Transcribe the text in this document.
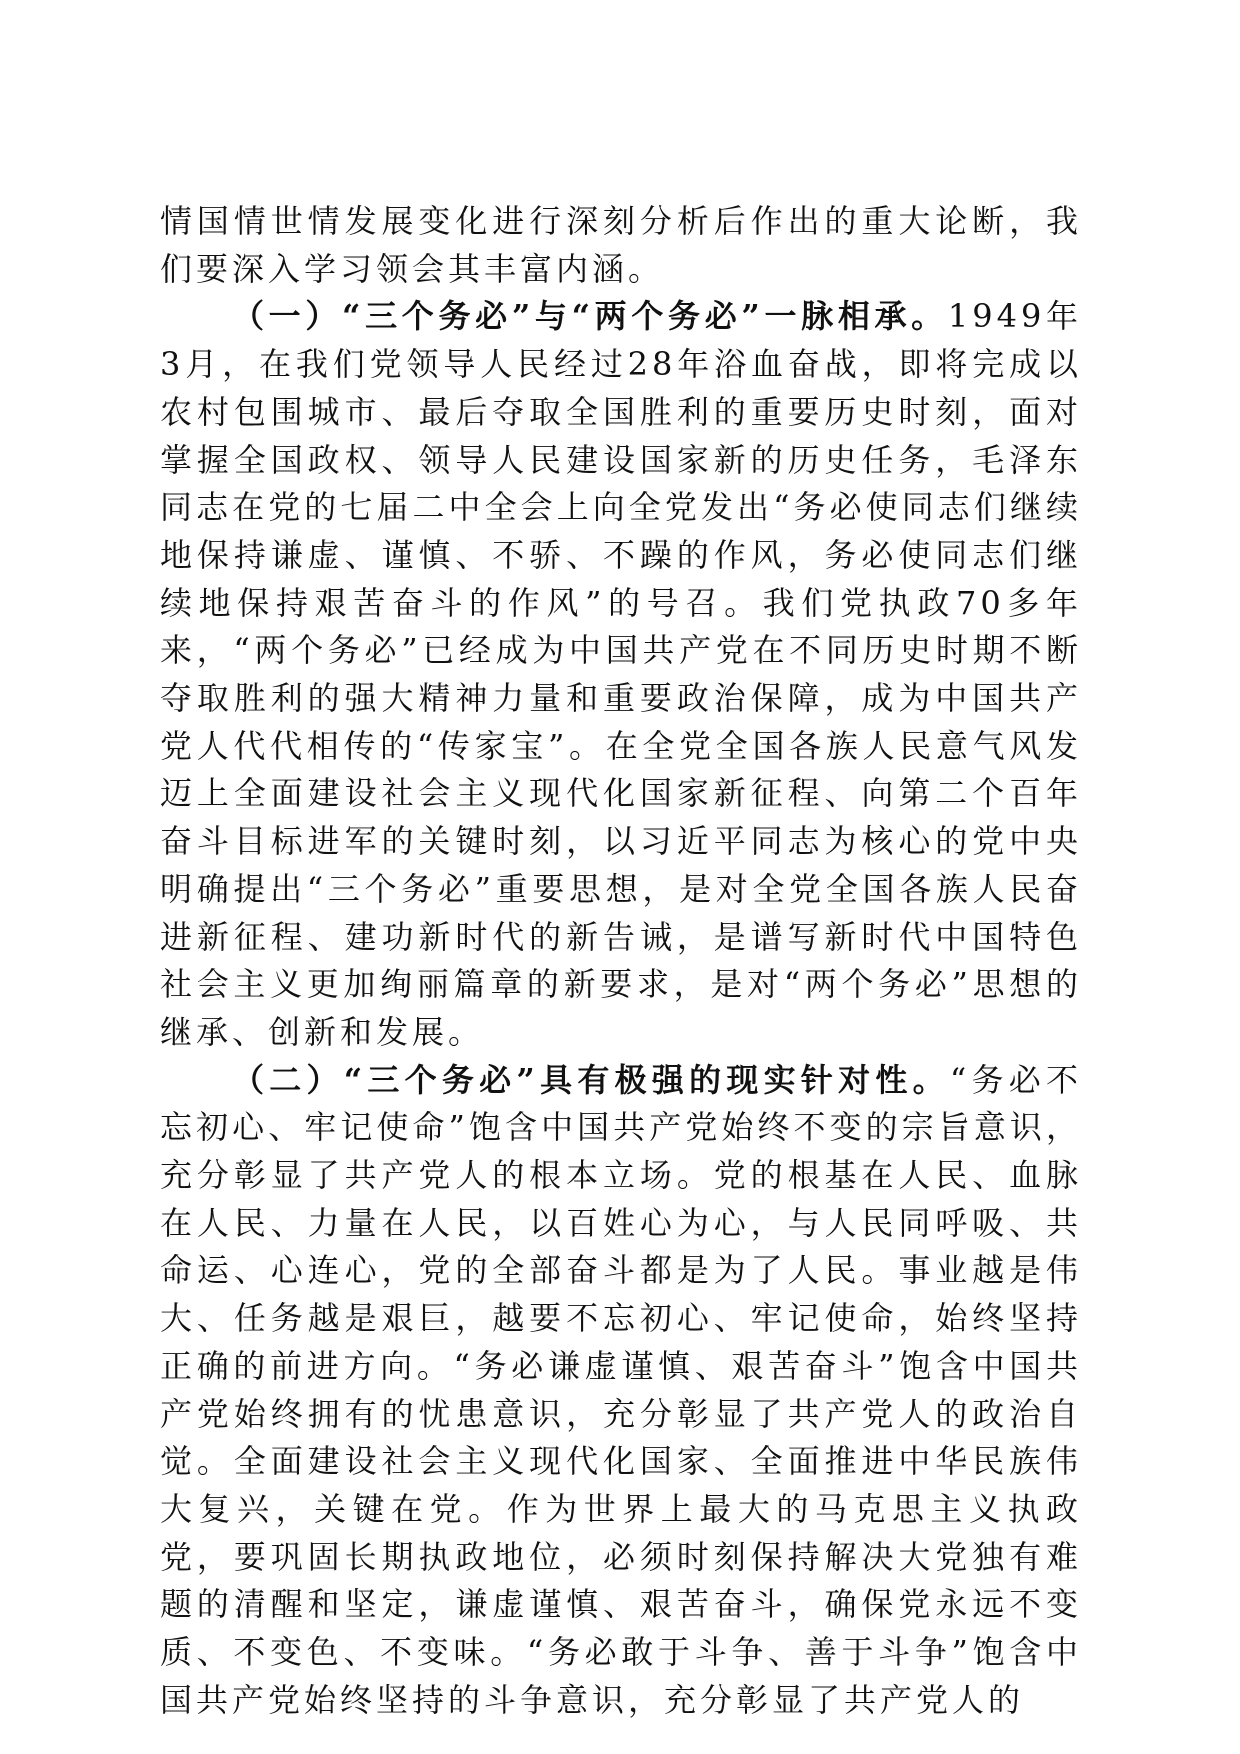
情国情世情发展变化进行深刻分析后作出的重大论断，我们要深入学习领会其丰富内涵。

（一）“三个务必”与“两个务必”一脉相承。1949年3月，在我们党领导人民经过28年浴血奋战，即将完成以农村包围城市、最后夺取全国胜利的重要历史时刻，面对掌握全国政权、领导人民建设国家新的历史任务，毛泽东同志在党的七届二中全会上向全党发出“务必使同志们继续地保持谦虚、谨慎、不骄、不躁的作风，务必使同志们继续地保持艰苦奋斗的作风”的号召。我们党执政70多年来，“两个务必”已经成为中国共产党在不同历史时期不断夺取胜利的强大精神力量和重要政治保障，成为中国共产党人代代相传的“传家宝”。在全党全国各族人民意气风发迈上全面建设社会主义现代化国家新征程、向第二个百年奋斗目标进军的关键时刻，以习近平同志为核心的党中央明确提出“三个务必”重要思想，是对全党全国各族人民奋进新征程、建功新时代的新告诫，是谱写新时代中国特色社会主义更加绚丽篇章的新要求，是对“两个务必”思想的继承、创新和发展。

（二）“三个务必”具有极强的现实针对性。“务必不忘初心、牢记使命”饱含中国共产党始终不变的宗旨意识，充分彰显了共产党人的根本立场。党的根基在人民、血脉在人民、力量在人民，以百姓心为心，与人民同呼吸、共命运、心连心，党的全部奋斗都是为了人民。事业越是伟大、任务越是艰巨，越要不忘初心、牢记使命，始终坚持正确的前进方向。“务必谦虚谨慎、艰苦奋斗”饱含中国共产党始终拥有的忧患意识，充分彰显了共产党人的政治自觉。全面建设社会主义现代化国家、全面推进中华民族伟大复兴，关键在党。作为世界上最大的马克思主义执政党，要巩固长期执政地位，必须时刻保持解决大党独有难题的清醒和坚定，谦虚谨慎、艰苦奋斗，确保党永远不变质、不变色、不变味。“务必敢于斗争、善于斗争”饱含中国共产党始终坚持的斗争意识，充分彰显了共产党人的
